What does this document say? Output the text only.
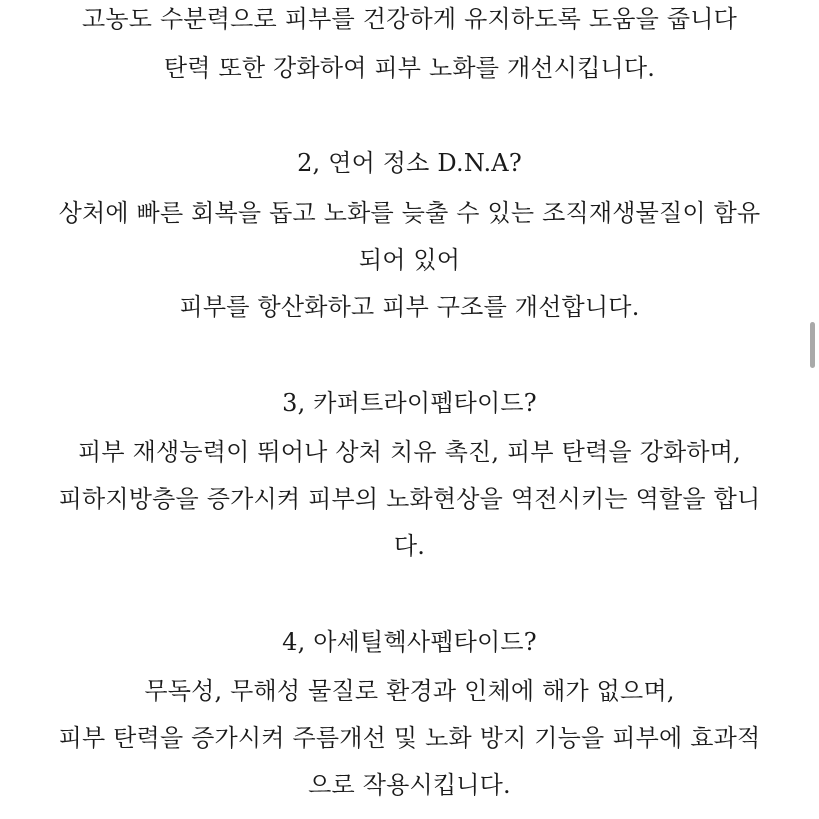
고농도 수분력으로 피부를 건강하게 유지하도록 도움을 줍니다
탄력 또한 강화하여 피부 노화를 개선시킵니다.
2, 연어 정소 D.N.A?
상처에 빠른 회복을 돕고 노화를 늦출 수 있는 조직재생물질이 함유
되어 있어
피부를 항산화하고 피부 구조를 개선합니다.
3, 카퍼트라이펩타이드?
피부 재생능력이 뛰어나 상처 치유 촉진, 피부 탄력을 강화하며,
피하지방층을 증가시켜 피부의 노화현상을 역전시키는 역할을 합니
다.
4, 아세틸헥사펩타이드?
무독성, 무해성 물질로 환경과 인체에 해가 없으며,
피부 탄력을 증가시켜 주름개선 및 노화 방지 기능을 피부에 효과적
으로 작용시킵니다.
